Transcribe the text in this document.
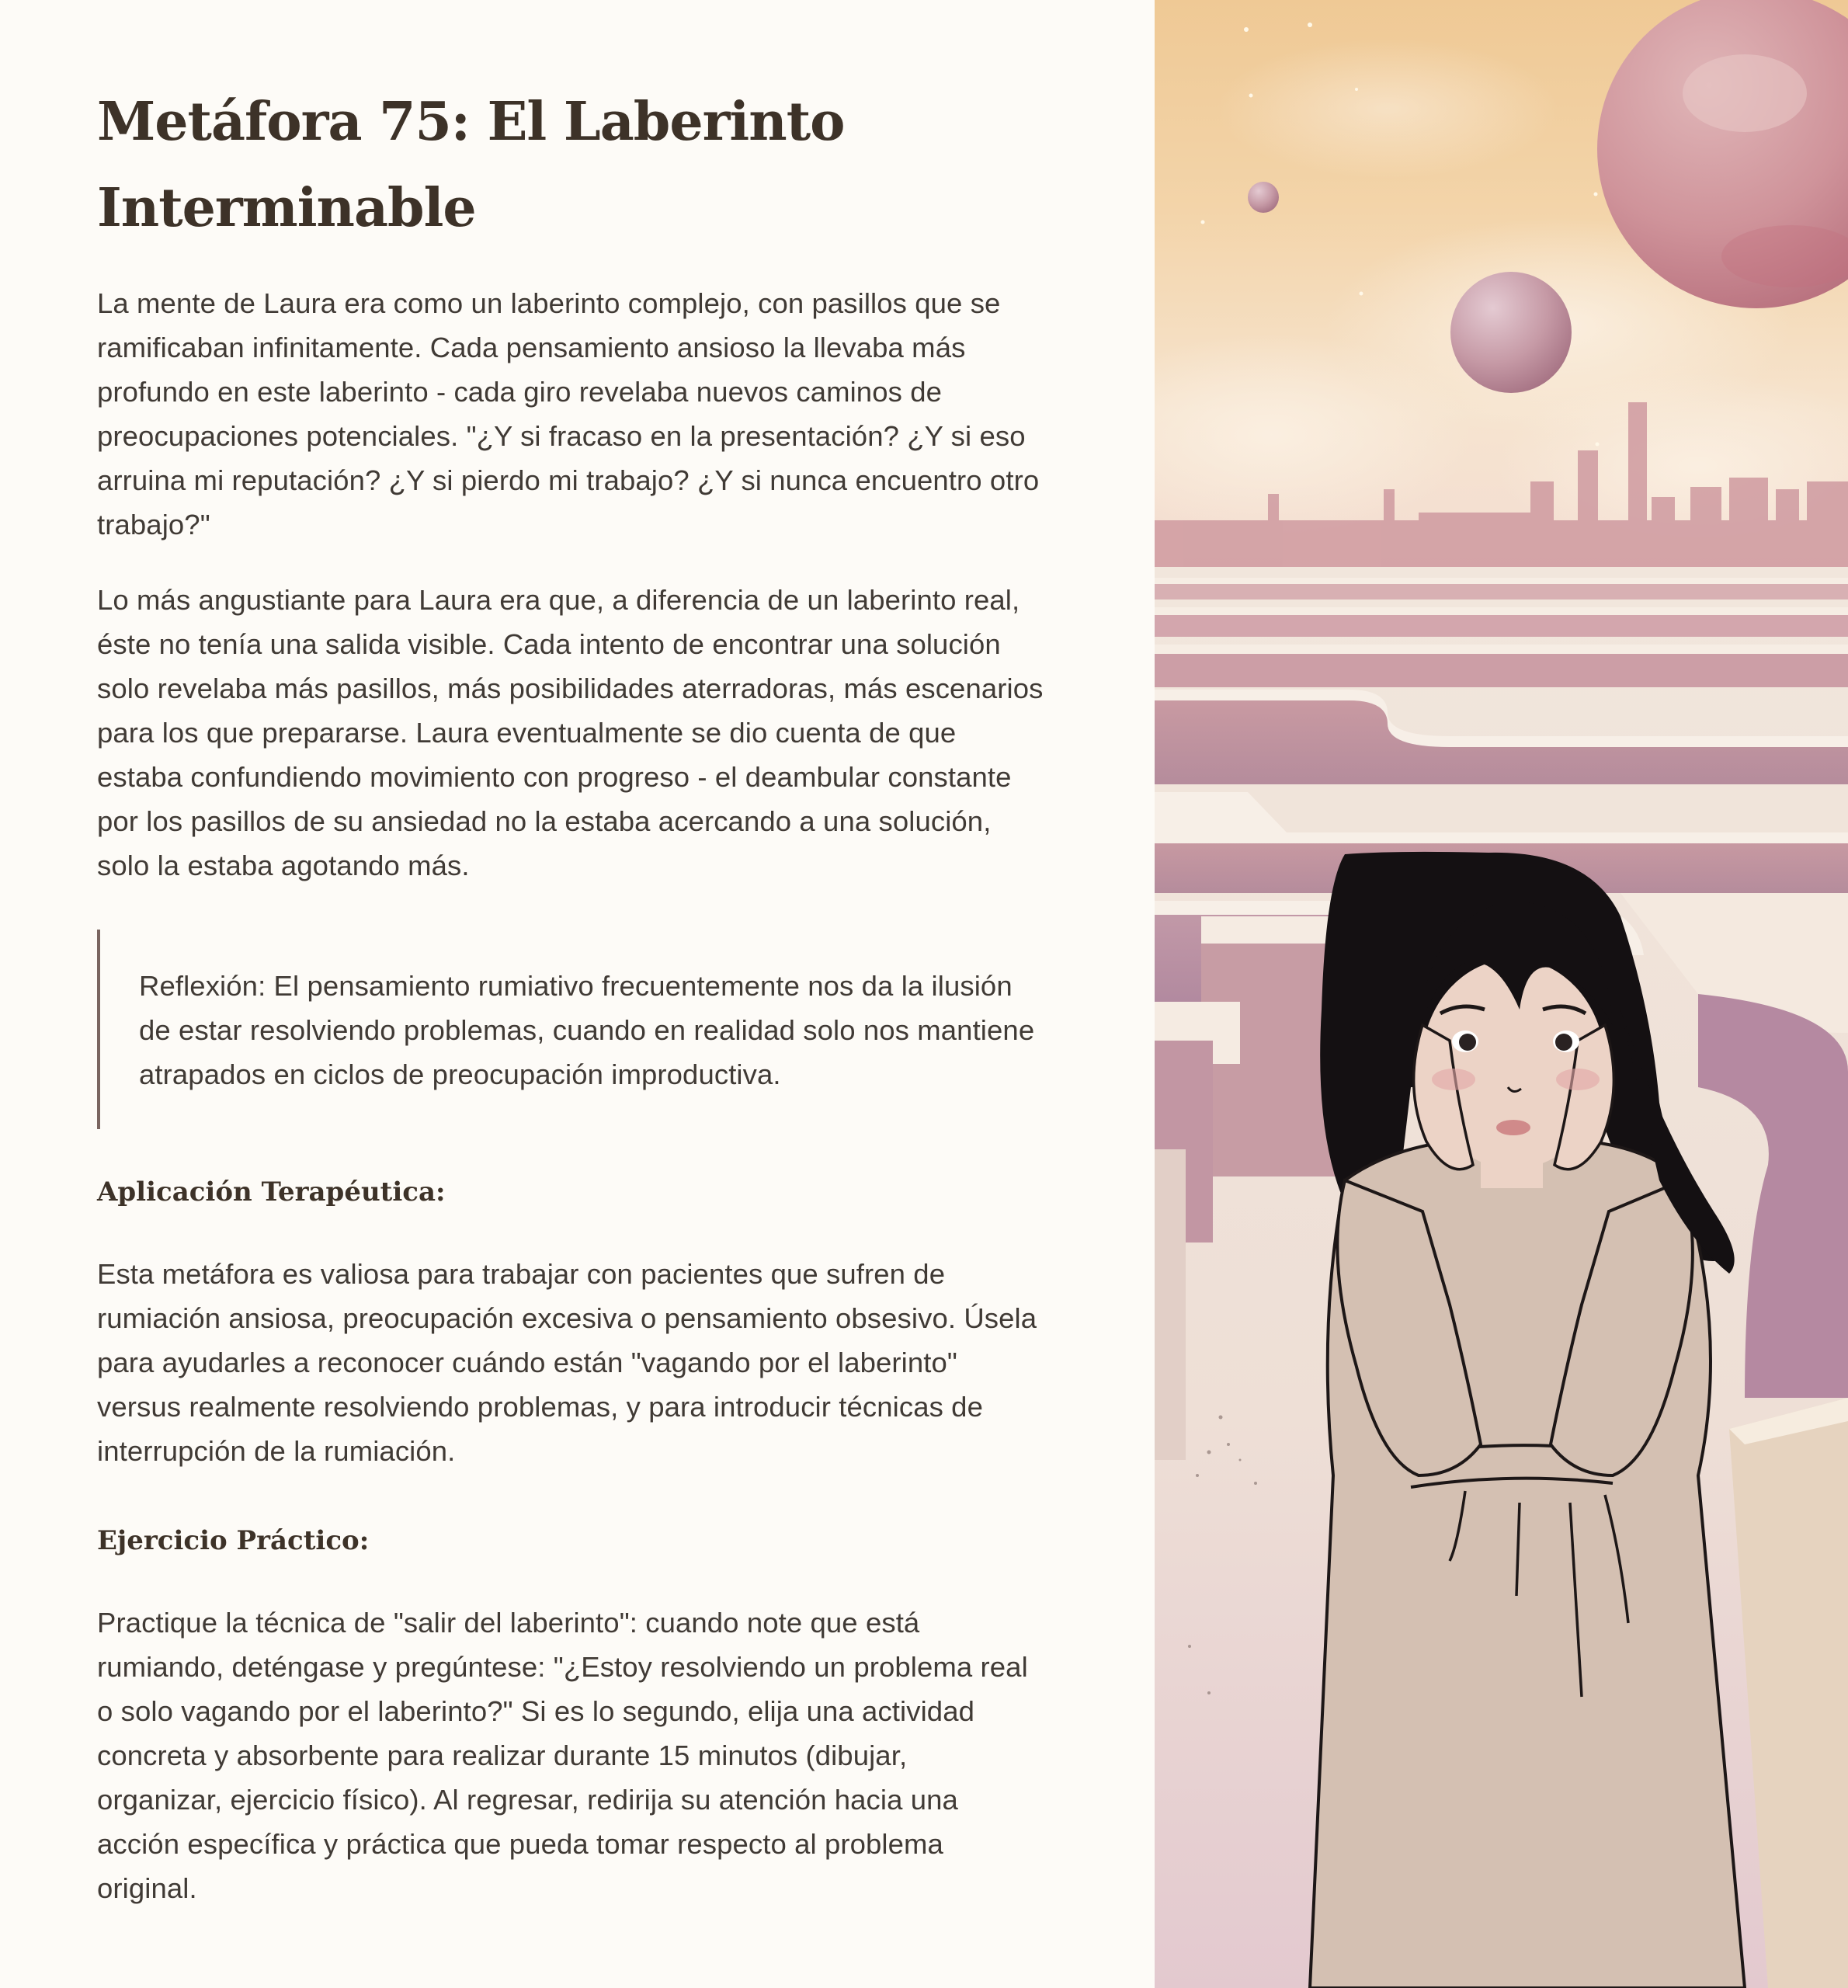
Metáfora 75: El Laberinto
Interminable

La mente de Laura era como un laberinto complejo, con pasillos que se
ramificaban infinitamente. Cada pensamiento ansioso la llevaba más
profundo en este laberinto - cada giro revelaba nuevos caminos de
preocupaciones potenciales. "¿Y si fracaso en la presentación? ¿Y si eso
arruina mi reputación? ¿Y si pierdo mi trabajo? ¿Y si nunca encuentro otro
trabajo?"

Lo más angustiante para Laura era que, a diferencia de un laberinto real,
éste no tenía una salida visible. Cada intento de encontrar una solución
solo revelaba más pasillos, más posibilidades aterradoras, más escenarios
para los que prepararse. Laura eventualmente se dio cuenta de que
estaba confundiendo movimiento con progreso - el deambular constante
por los pasillos de su ansiedad no la estaba acercando a una solución,
solo la estaba agotando más.

Reflexión: El pensamiento rumiativo frecuentemente nos da la ilusión
de estar resolviendo problemas, cuando en realidad solo nos mantiene
atrapados en ciclos de preocupación improductiva.

Aplicación Terapéutica:

Esta metáfora es valiosa para trabajar con pacientes que sufren de
rumiación ansiosa, preocupación excesiva o pensamiento obsesivo. Úsela
para ayudarles a reconocer cuándo están "vagando por el laberinto"
versus realmente resolviendo problemas, y para introducir técnicas de
interrupción de la rumiación.

Ejercicio Práctico:

Practique la técnica de "salir del laberinto": cuando note que está
rumiando, deténgase y pregúntese: "¿Estoy resolviendo un problema real
o solo vagando por el laberinto?" Si es lo segundo, elija una actividad
concreta y absorbente para realizar durante 15 minutos (dibujar,
organizar, ejercicio físico). Al regresar, redirija su atención hacia una
acción específica y práctica que pueda tomar respecto al problema
original.
